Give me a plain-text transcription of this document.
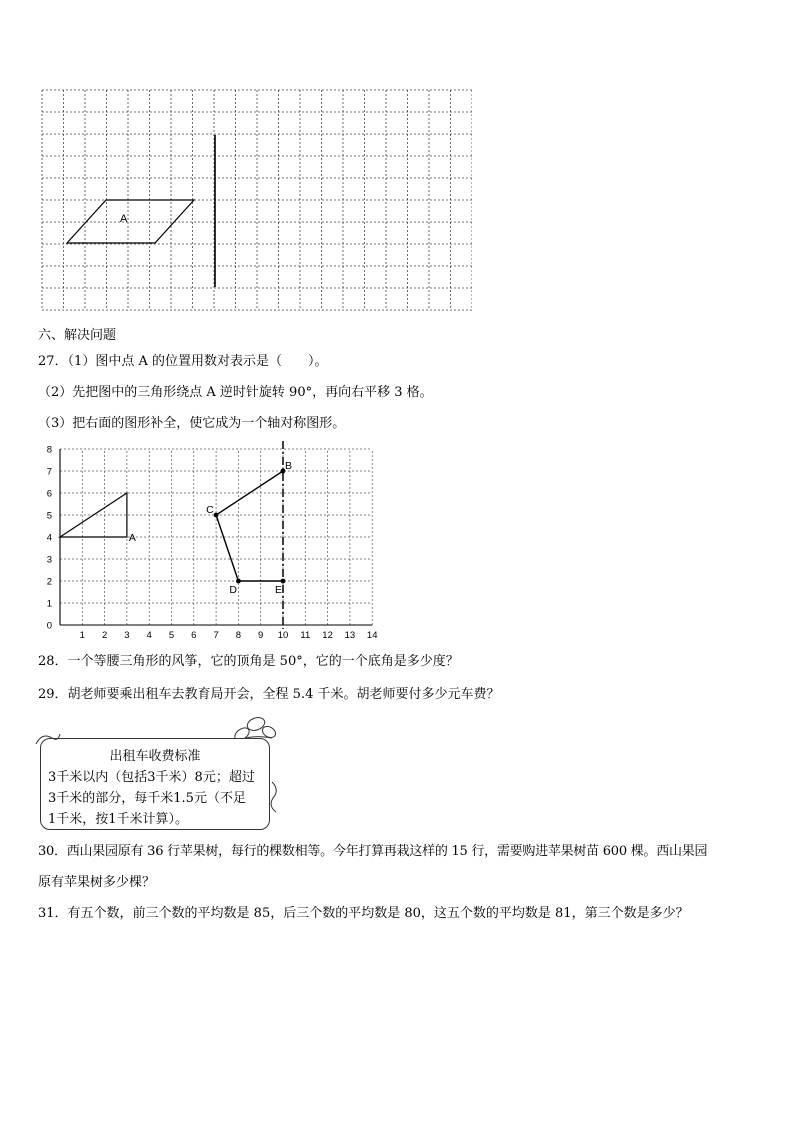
A
六、解决问题
27．（1）图中点 A 的位置用数对表示是（　　）。
（2）先把图中的三角形绕点 A 逆时针旋转 90°，再向右平移 3 格。
（3）把右面的图形补全，使它成为一个轴对称图形。
1 2 3 4 5 6 7 8 9 10 11 12 13 14
0
1
2
3
4
5
6
7
8
A
B
C
D	E
28．一个等腰三角形的风筝，它的顶角是 50°，它的一个底角是多少度？
29．胡老师要乘出租车去教育局开会，全程 5.4 千米。胡老师要付多少元车费？
出租车收费标准
3千米以内（包括3千米）8元；超过
3千米的部分，每千米1.5元（不足
1千米，按1千米计算）。
30．西山果园原有 36 行苹果树，每行的棵数相等。今年打算再栽这样的 15 行，需要购进苹果树苗 600 棵。西山果园
原有苹果树多少棵？
31．有五个数，前三个数的平均数是 85，后三个数的平均数是 80，这五个数的平均数是 81，第三个数是多少？
